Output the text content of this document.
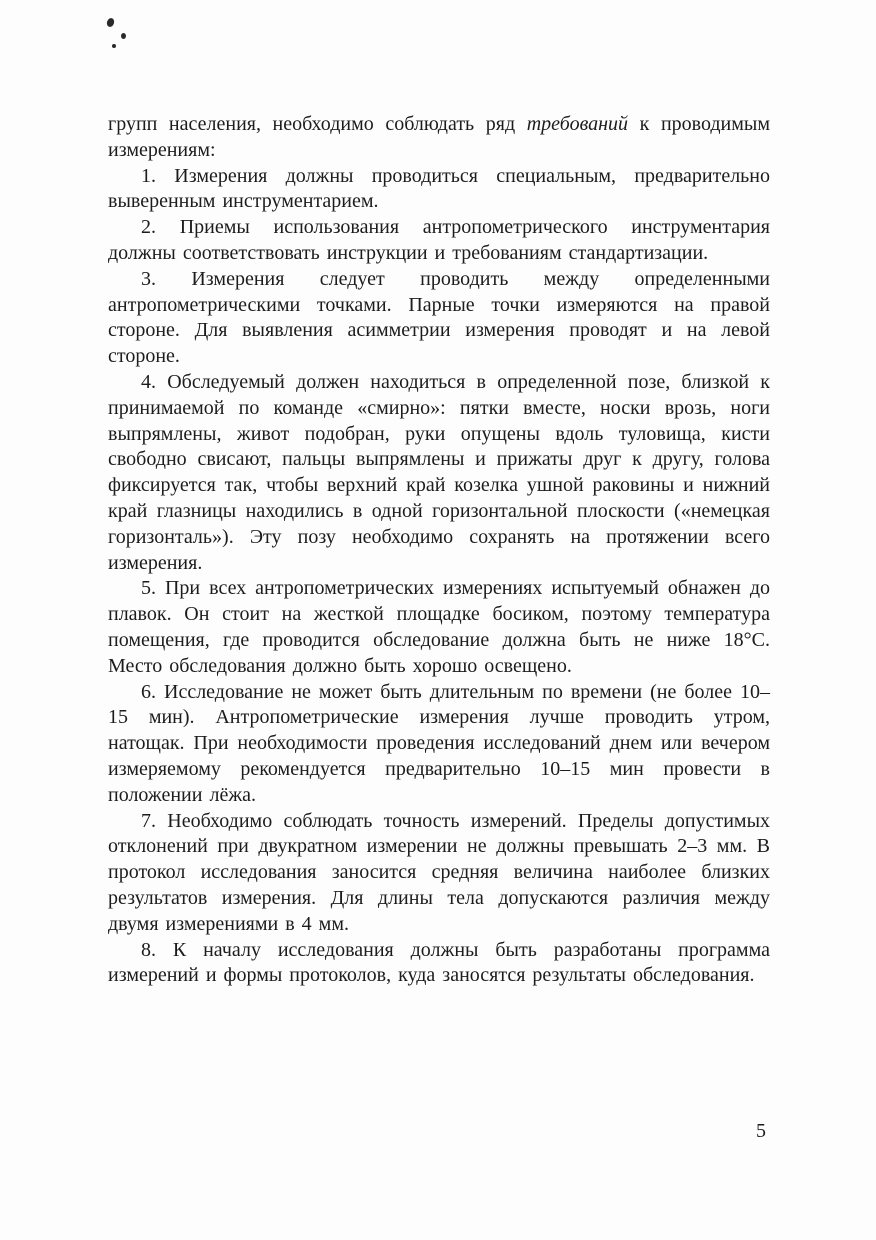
групп населения, необходимо соблюдать ряд требований к проводимым измерениям:

1. Измерения должны проводиться специальным, предварительно выверенным инструментарием.

2. Приемы использования антропометрического инструментария должны соответствовать инструкции и требованиям стандартизации.

3. Измерения следует проводить между определенными антропометрическими точками. Парные точки измеряются на правой стороне. Для выявления асимметрии измерения проводят и на левой стороне.

4. Обследуемый должен находиться в определенной позе, близкой к принимаемой по команде «смирно»: пятки вместе, носки врозь, ноги выпрямлены, живот подобран, руки опущены вдоль туловища, кисти свободно свисают, пальцы выпрямлены и прижаты друг к другу, голова фиксируется так, чтобы верхний край козелка ушной раковины и нижний край глазницы находились в одной горизонтальной плоскости («немецкая горизонталь»). Эту позу необходимо сохранять на протяжении всего измерения.

5. При всех антропометрических измерениях испытуемый обнажен до плавок. Он стоит на жесткой площадке босиком, поэтому температура помещения, где проводится обследование должна быть не ниже 18°С. Место обследования должно быть хорошо освещено.

6. Исследование не может быть длительным по времени (не более 10–15 мин). Антропометрические измерения лучше проводить утром, натощак. При необходимости проведения исследований днем или вечером измеряемому рекомендуется предварительно 10–15 мин провести в положении лёжа.

7. Необходимо соблюдать точность измерений. Пределы допустимых отклонений при двукратном измерении не должны превышать 2–3 мм. В протокол исследования заносится средняя величина наиболее близких результатов измерения. Для длины тела допускаются различия между двумя измерениями в 4 мм.

8. К началу исследования должны быть разработаны программа измерений и формы протоколов, куда заносятся результаты обследования.

5
